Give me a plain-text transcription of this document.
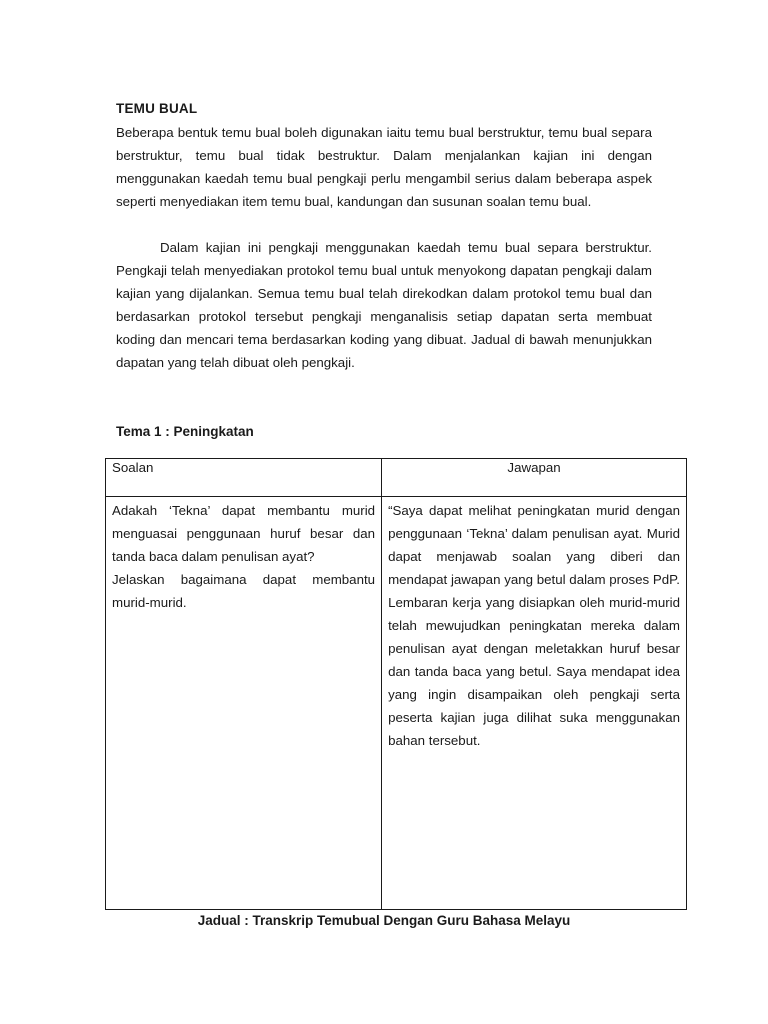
TEMU BUAL

Beberapa bentuk temu bual boleh digunakan iaitu temu bual berstruktur, temu bual separa berstruktur, temu bual tidak bestruktur. Dalam menjalankan kajian ini dengan menggunakan kaedah temu bual pengkaji perlu mengambil serius dalam beberapa aspek seperti menyediakan item temu bual, kandungan dan susunan soalan temu bual.

Dalam kajian ini pengkaji menggunakan kaedah temu bual separa berstruktur. Pengkaji telah menyediakan protokol temu bual untuk menyokong dapatan pengkaji dalam kajian yang dijalankan. Semua temu bual telah direkodkan dalam protokol temu bual dan berdasarkan protokol tersebut pengkaji menganalisis setiap dapatan serta membuat koding dan mencari tema berdasarkan koding yang dibuat. Jadual di bawah menunjukkan dapatan yang telah dibuat oleh pengkaji.

Tema 1 : Peningkatan
Soalan	Jawapan

Adakah ‘Tekna’ dapat membantu murid menguasai penggunaan huruf besar dan tanda baca dalam penulisan ayat?

Jelaskan bagaimana dapat membantu murid-murid.	“Saya dapat melihat peningkatan murid dengan penggunaan ‘Tekna’ dalam penulisan ayat. Murid dapat menjawab soalan yang diberi dan mendapat jawapan yang betul dalam proses PdP. Lembaran kerja yang disiapkan oleh murid-murid telah mewujudkan peningkatan mereka dalam penulisan ayat dengan meletakkan huruf besar dan tanda baca yang betul. Saya mendapat idea yang ingin disampaikan oleh pengkaji serta peserta kajian juga dilihat suka menggunakan bahan tersebut.
Jadual : Transkrip Temubual Dengan Guru Bahasa Melayu
